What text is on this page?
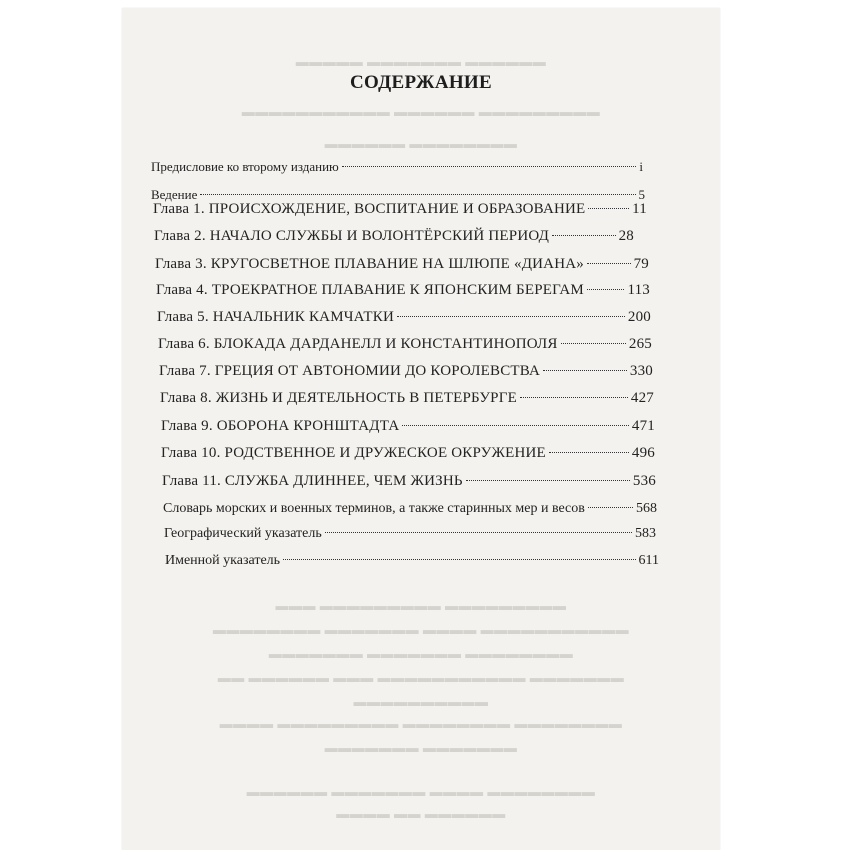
▬▬▬▬▬ ▬▬▬▬▬▬▬ ▬▬▬▬▬▬
▬▬▬▬▬▬▬▬▬▬▬ ▬▬▬▬▬▬ ▬▬▬▬▬▬▬▬▬
▬▬▬▬▬▬ ▬▬▬▬▬▬▬▬
▬▬▬ ▬▬▬▬▬▬▬▬▬ ▬▬▬▬▬▬▬▬▬
▬▬▬▬▬▬▬▬ ▬▬▬▬▬▬▬ ▬▬▬▬ ▬▬▬▬▬▬▬▬▬▬▬
▬▬▬▬▬▬▬ ▬▬▬▬▬▬▬ ▬▬▬▬▬▬▬▬
▬▬ ▬▬▬▬▬▬ ▬▬▬ ▬▬▬▬▬▬▬▬▬▬▬ ▬▬▬▬▬▬▬
▬▬▬▬▬▬▬▬▬▬
▬▬▬▬ ▬▬▬▬▬▬▬▬▬ ▬▬▬▬▬▬▬▬ ▬▬▬▬▬▬▬▬
▬▬▬▬▬▬▬ ▬▬▬▬▬▬▬
▬▬▬▬▬▬ ▬▬▬▬▬▬▬ ▬▬▬▬ ▬▬▬▬▬▬▬▬
▬▬▬▬ ▬▬ ▬▬▬▬▬▬
СОДЕРЖАНИЕ
Предисловие ко второму изданию	i
Ведение	5
Глава 1. ПРОИСХОЖДЕНИЕ, ВОСПИТАНИЕ И ОБРАЗОВАНИЕ	11
Глава 2. НАЧАЛО СЛУЖБЫ И ВОЛОНТЁРСКИЙ ПЕРИОД	28
Глава 3. КРУГОСВЕТНОЕ ПЛАВАНИЕ НА ШЛЮПЕ «ДИАНА»	79
Глава 4. ТРОЕКРАТНОЕ ПЛАВАНИЕ К ЯПОНСКИМ БЕРЕГАМ	113
Глава 5. НАЧАЛЬНИК КАМЧАТКИ	200
Глава 6. БЛОКАДА ДАРДАНЕЛЛ И КОНСТАНТИНОПОЛЯ	265
Глава 7. ГРЕЦИЯ ОТ АВТОНОМИИ ДО КОРОЛЕВСТВА	330
Глава 8. ЖИЗНЬ И ДЕЯТЕЛЬНОСТЬ В ПЕТЕРБУРГЕ	427
Глава 9. ОБОРОНА КРОНШТАДТА	471
Глава 10. РОДСТВЕННОЕ И ДРУЖЕСКОЕ ОКРУЖЕНИЕ	496
Глава 11. СЛУЖБА ДЛИННЕЕ, ЧЕМ ЖИЗНЬ	536
Словарь морских и военных терминов, а также старинных мер и весов	568
Географический указатель	583
Именной указатель	611
